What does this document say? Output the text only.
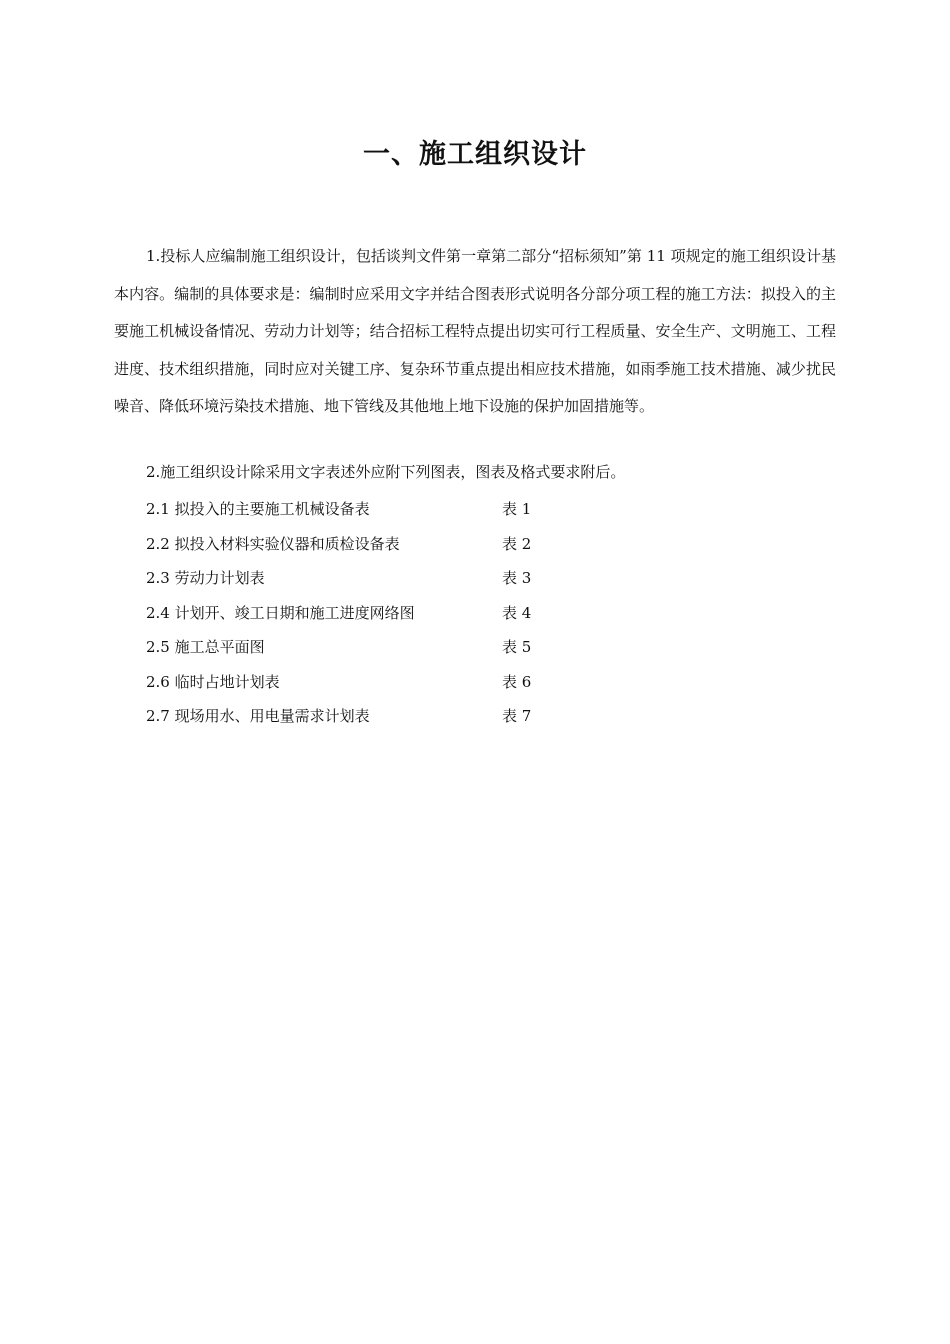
一、施工组织设计

1.投标人应编制施工组织设计，包括谈判文件第一章第二部分“招标须知”第 11 项规定的施工组织设计基本内容。编制的具体要求是：编制时应采用文字并结合图表形式说明各分部分项工程的施工方法：拟投入的主要施工机械设备情况、劳动力计划等；结合招标工程特点提出切实可行工程质量、安全生产、文明施工、工程进度、技术组织措施，同时应对关键工序、复杂环节重点提出相应技术措施，如雨季施工技术措施、减少扰民噪音、降低环境污染技术措施、地下管线及其他地上地下设施的保护加固措施等。

2.施工组织设计除采用文字表述外应附下列图表，图表及格式要求附后。
2.1 拟投入的主要施工机械设备表	表 1
2.2 拟投入材料实验仪器和质检设备表	表 2
2.3 劳动力计划表	表 3
2.4 计划开、竣工日期和施工进度网络图	表 4
2.5 施工总平面图	表 5
2.6 临时占地计划表	表 6
2.7 现场用水、用电量需求计划表	表 7
